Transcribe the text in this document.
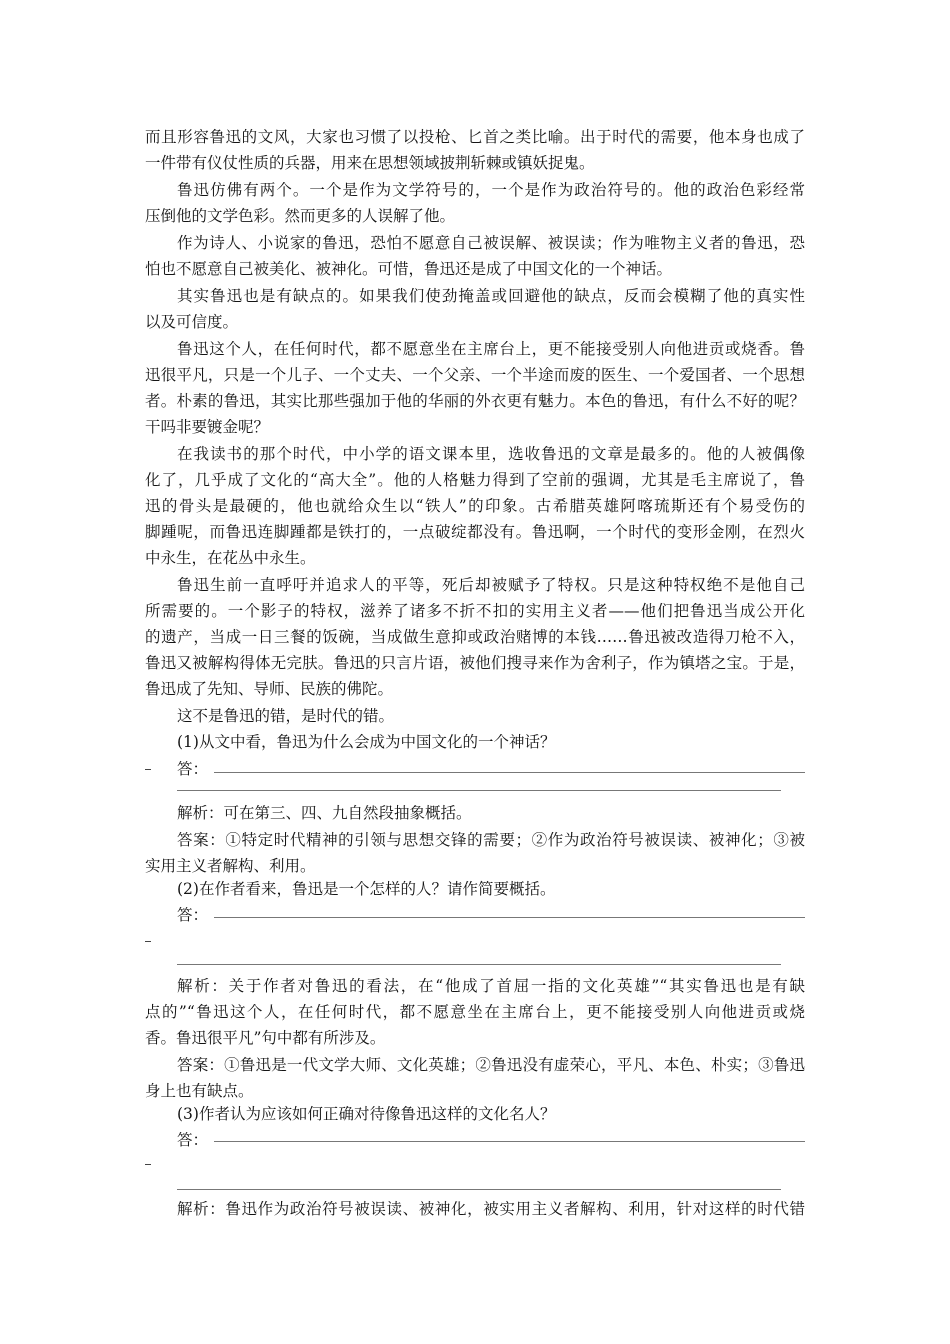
而且形容鲁迅的文风，大家也习惯了以投枪、匕首之类比喻。出于时代的需要，他本身也成了
一件带有仪仗性质的兵器，用来在思想领域披荆斩棘或镇妖捉鬼。
鲁迅仿佛有两个。一个是作为文学符号的，一个是作为政治符号的。他的政治色彩经常
压倒他的文学色彩。然而更多的人误解了他。
作为诗人、小说家的鲁迅，恐怕不愿意自己被误解、被误读；作为唯物主义者的鲁迅，恐
怕也不愿意自己被美化、被神化。可惜，鲁迅还是成了中国文化的一个神话。
其实鲁迅也是有缺点的。如果我们使劲掩盖或回避他的缺点，反而会模糊了他的真实性
以及可信度。
鲁迅这个人，在任何时代，都不愿意坐在主席台上，更不能接受别人向他进贡或烧香。鲁
迅很平凡，只是一个儿子、一个丈夫、一个父亲、一个半途而废的医生、一个爱国者、一个思想
者。朴素的鲁迅，其实比那些强加于他的华丽的外衣更有魅力。本色的鲁迅，有什么不好的呢？
干吗非要镀金呢？
在我读书的那个时代，中小学的语文课本里，选收鲁迅的文章是最多的。他的人被偶像
化了，几乎成了文化的“高大全”。他的人格魅力得到了空前的强调，尤其是毛主席说了，鲁
迅的骨头是最硬的，他也就给众生以“铁人”的印象。古希腊英雄阿喀琉斯还有个易受伤的
脚踵呢，而鲁迅连脚踵都是铁打的，一点破绽都没有。鲁迅啊，一个时代的变形金刚，在烈火
中永生，在花丛中永生。
鲁迅生前一直呼吁并追求人的平等，死后却被赋予了特权。只是这种特权绝不是他自己
所需要的。一个影子的特权，滋养了诸多不折不扣的实用主义者——他们把鲁迅当成公开化
的遗产，当成一日三餐的饭碗，当成做生意抑或政治赌博的本钱……鲁迅被改造得刀枪不入，
鲁迅又被解构得体无完肤。鲁迅的只言片语，被他们搜寻来作为舍利子，作为镇塔之宝。于是，
鲁迅成了先知、导师、民族的佛陀。
这不是鲁迅的错，是时代的错。
(1)从文中看，鲁迅为什么会成为中国文化的一个神话？
答：
解析：可在第三、四、九自然段抽象概括。
答案：①特定时代精神的引领与思想交锋的需要；②作为政治符号被误读、被神化；③被
实用主义者解构、利用。
(2)在作者看来，鲁迅是一个怎样的人？请作简要概括。
答：
解析：关于作者对鲁迅的看法，在“他成了首屈一指的文化英雄”“其实鲁迅也是有缺
点的”“鲁迅这个人，在任何时代，都不愿意坐在主席台上，更不能接受别人向他进贡或烧
香。鲁迅很平凡”句中都有所涉及。
答案：①鲁迅是一代文学大师、文化英雄；②鲁迅没有虚荣心，平凡、本色、朴实；③鲁迅
身上也有缺点。
(3)作者认为应该如何正确对待像鲁迅这样的文化名人？
答：
解析：鲁迅作为政治符号被误读、被神化，被实用主义者解构、利用，针对这样的时代错
